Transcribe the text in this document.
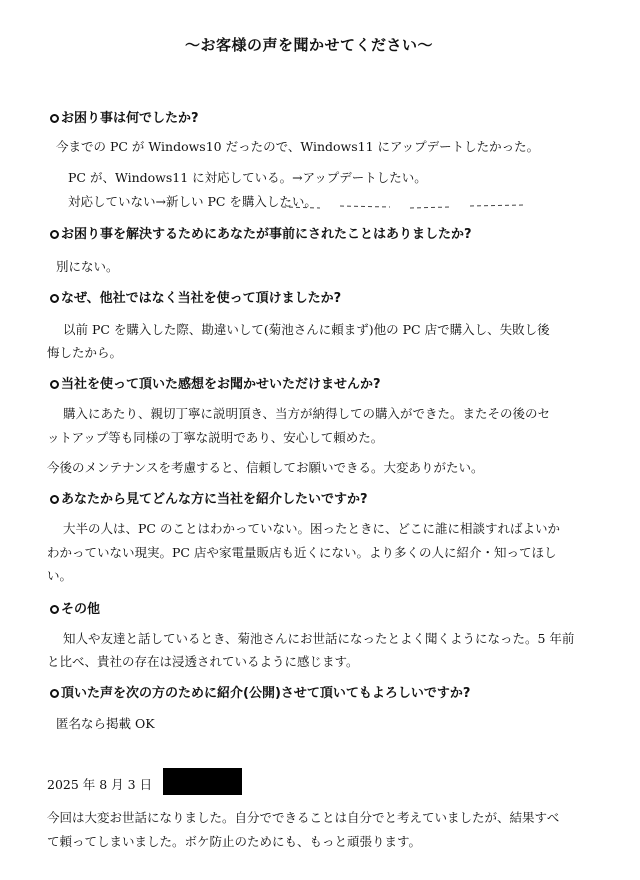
〜お客様の声を聞かせてください〜
お困り事は何でしたか?
今までの PC が Windows10 だったので、Windows11 にアップデートしたかった。
PC が、Windows11 に対応している。→アップデートしたい。
対応していない→新しい PC を購入したい。
お困り事を解決するためにあなたが事前にされたことはありましたか?
別にない。
なぜ、他社ではなく当社を使って頂けましたか?
以前 PC を購入した際、勘違いして(菊池さんに頼まず)他の PC 店で購入し、失敗し後
悔したから。
当社を使って頂いた感想をお聞かせいただけませんか?
購入にあたり、親切丁寧に説明頂き、当方が納得しての購入ができた。またその後のセ
ットアップ等も同様の丁寧な説明であり、安心して頼めた。
今後のメンテナンスを考慮すると、信頼してお願いできる。大変ありがたい。
あなたから見てどんな方に当社を紹介したいですか?
大半の人は、PC のことはわかっていない。困ったときに、どこに誰に相談すればよいか
わかっていない現実。PC 店や家電量販店も近くにない。より多くの人に紹介・知ってほし
い。
その他
知人や友達と話しているとき、菊池さんにお世話になったとよく聞くようになった。5 年前
と比べ、貴社の存在は浸透されているように感じます。
頂いた声を次の方のために紹介(公開)させて頂いてもよろしいですか?
匿名なら掲載 OK
2025 年 8 月 3 日
今回は大変お世話になりました。自分でできることは自分でと考えていましたが、結果すべ
て頼ってしまいました。ボケ防止のためにも、もっと頑張ります。
